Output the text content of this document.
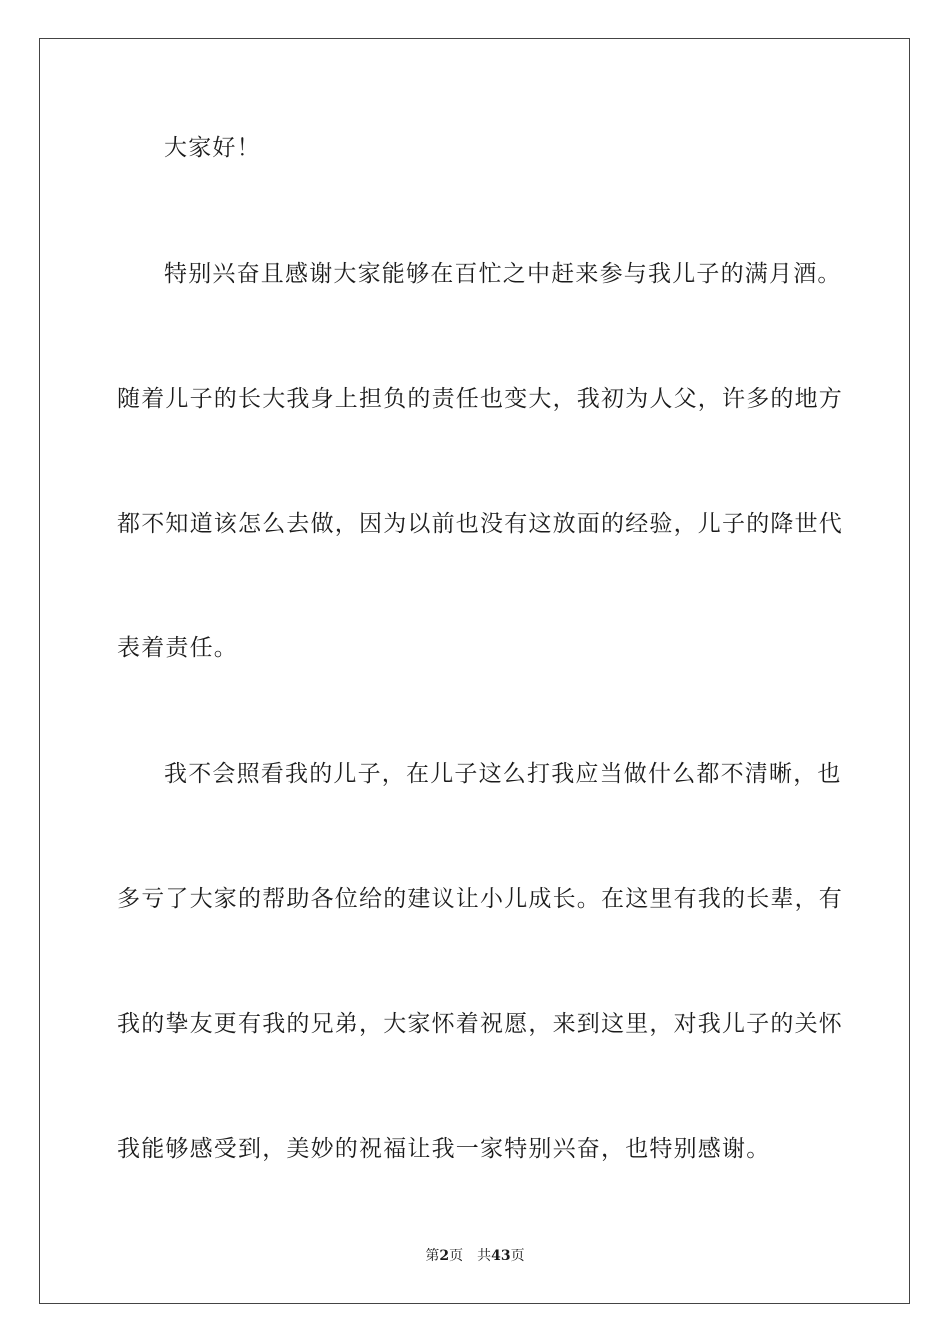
大家好！
特别兴奋且感谢大家能够在百忙之中赶来参与我儿子的满月酒。
随着儿子的长大我身上担负的责任也变大，我初为人父，许多的地方
都不知道该怎么去做，因为以前也没有这放面的经验，儿子的降世代
表着责任。
我不会照看我的儿子，在儿子这么打我应当做什么都不清晰，也
多亏了大家的帮助各位给的建议让小儿成长。在这里有我的长辈，有
我的挚友更有我的兄弟，大家怀着祝愿，来到这里，对我儿子的关怀
我能够感受到，美妙的祝福让我一家特别兴奋，也特别感谢。
第2页 共43页
